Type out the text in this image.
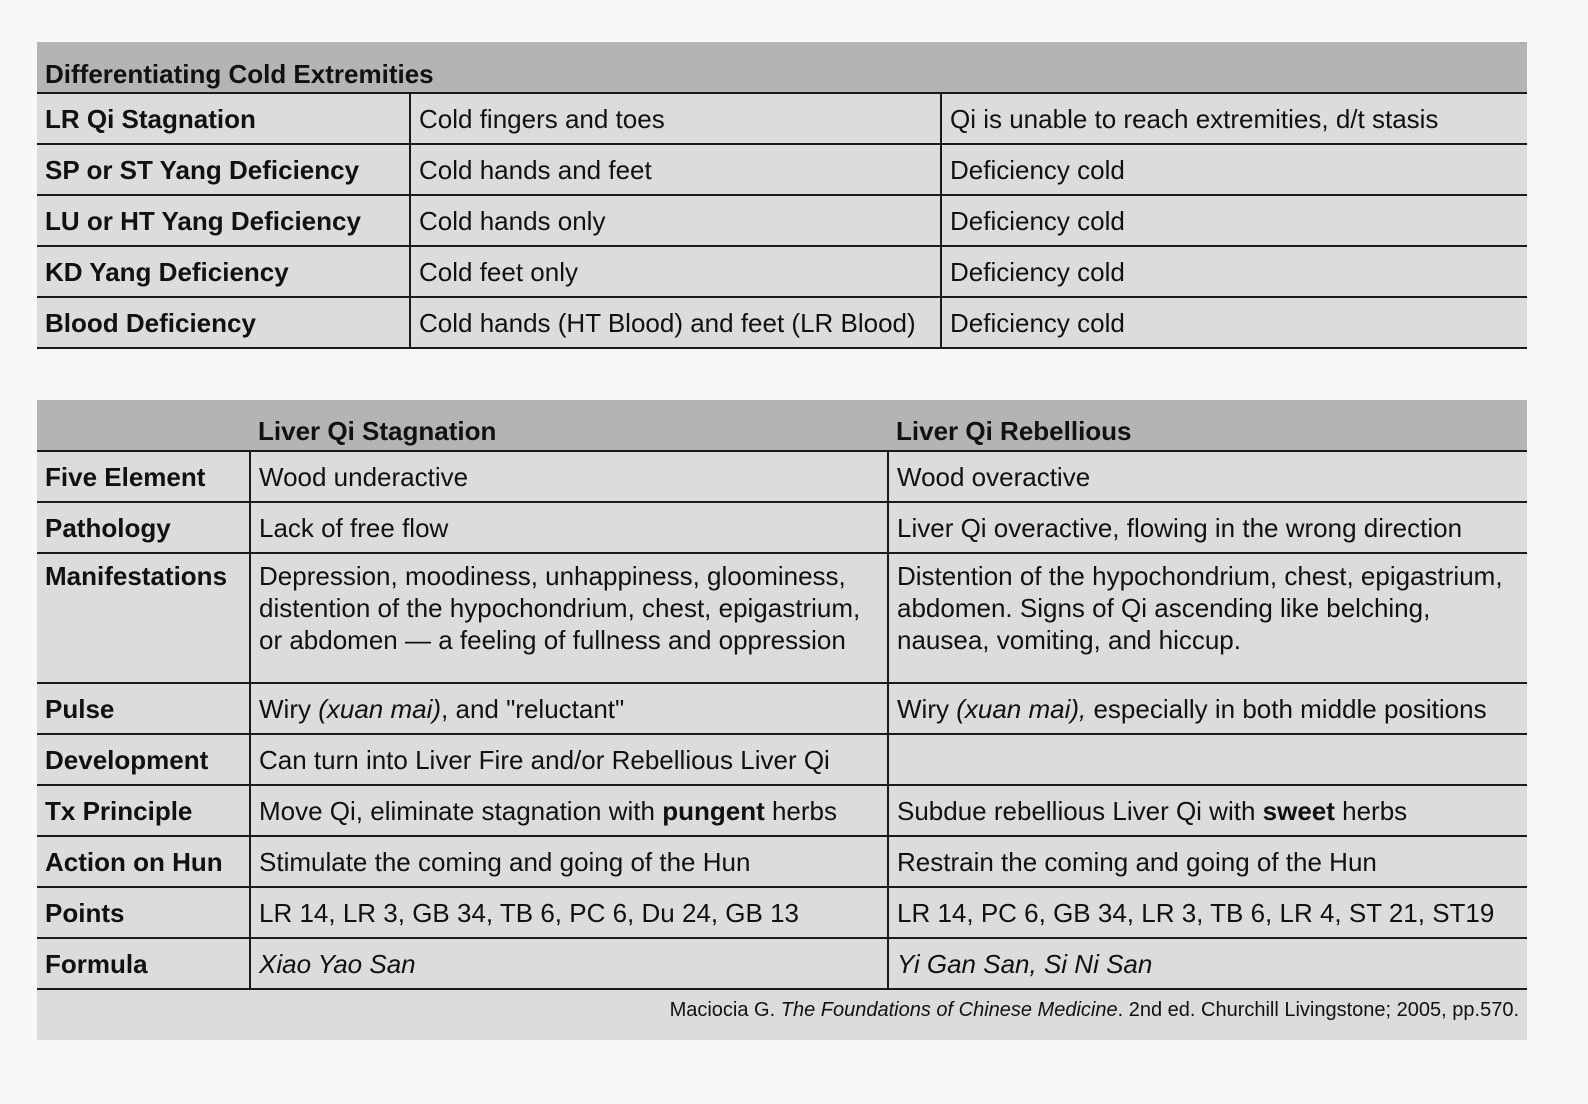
Differentiating Cold Extremities
LR Qi Stagnation	Cold fingers and toes	Qi is unable to reach extremities, d/t stasis
SP or ST Yang Deficiency	Cold hands and feet	Deficiency cold
LU or HT Yang Deficiency	Cold hands only	Deficiency cold
KD Yang Deficiency	Cold feet only	Deficiency cold
Blood Deficiency	Cold hands (HT Blood) and feet (LR Blood)	Deficiency cold
	Liver Qi Stagnation	Liver Qi Rebellious
Five Element	Wood underactive	Wood overactive
Pathology	Lack of free flow	Liver Qi overactive, flowing in the wrong direction
Manifestations	Depression, moodiness, unhappiness, gloominess, distention of the hypochondrium, chest, epigastrium, or abdomen — a feeling of fullness and oppression	Distention of the hypochondrium, chest, epigastrium, abdomen. Signs of Qi ascending like belching, nausea, vomiting, and hiccup.
Pulse	Wiry (xuan mai), and "reluctant"	Wiry (xuan mai), especially in both middle positions
Development	Can turn into Liver Fire and/or Rebellious Liver Qi	
Tx Principle	Move Qi, eliminate stagnation with pungent herbs	Subdue rebellious Liver Qi with sweet herbs
Action on Hun	Stimulate the coming and going of the Hun	Restrain the coming and going of the Hun
Points	LR 14, LR 3, GB 34, TB 6, PC 6, Du 24, GB 13	LR 14, PC 6, GB 34, LR 3, TB 6, LR 4, ST 21, ST19
Formula	Xiao Yao San	Yi Gan San, Si Ni San
Maciocia G. The Foundations of Chinese Medicine. 2nd ed. Churchill Livingstone; 2005, pp.570.
